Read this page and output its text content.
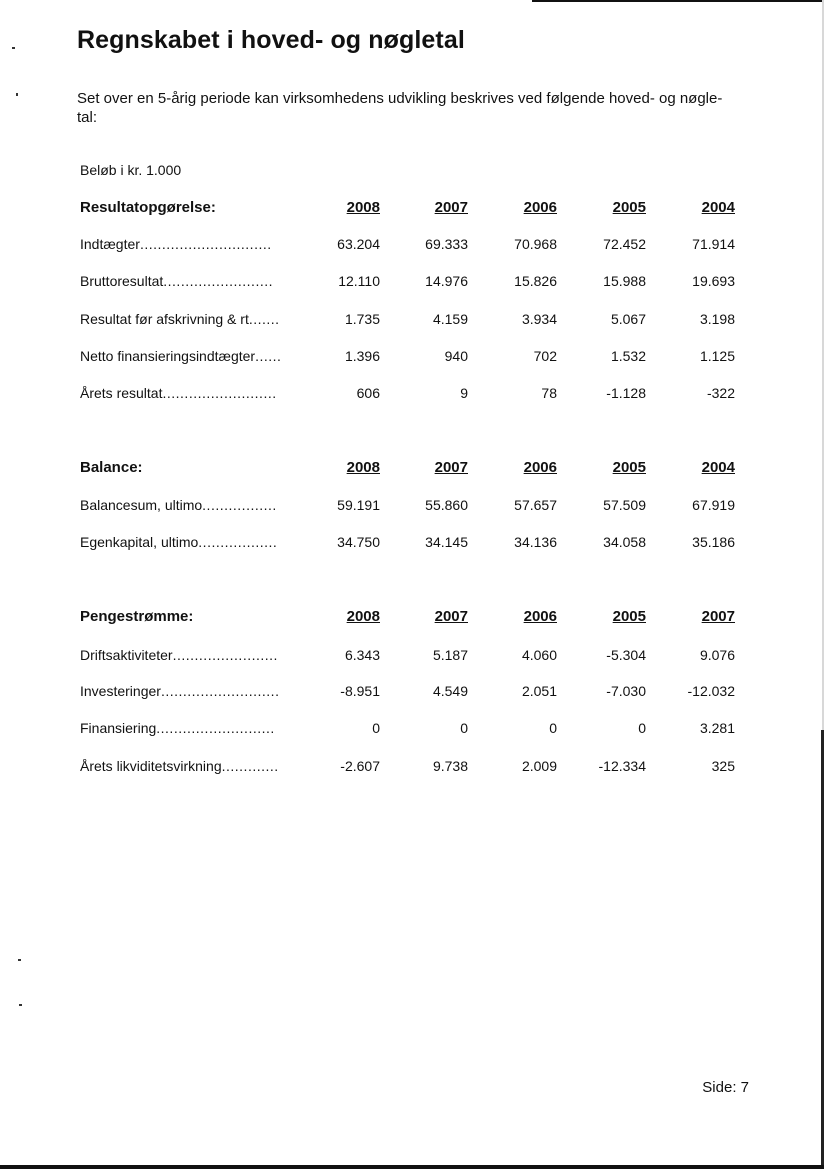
Regnskabet i hoved- og nøgletal
Set over en 5-årig periode kan virksomhedens udvikling beskrives ved følgende hoved- og nøgle-
tal:
Beløb i kr. 1.000
Resultatopgørelse:	2008	2007	2006	2005	2004
Indtægter..............................	63.204	69.333	70.968	72.452	71.914
Bruttoresultat.........................	12.110	14.976	15.826	15.988	19.693
Resultat før afskrivning & rt.......	1.735	4.159	3.934	5.067	3.198
Netto finansieringsindtægter......	1.396	940	702	1.532	1.125
Årets resultat..........................	606	9	78	-1.128	-322
Balance:	2008	2007	2006	2005	2004
Balancesum, ultimo.................	59.191	55.860	57.657	57.509	67.919
Egenkapital, ultimo..................	34.750	34.145	34.136	34.058	35.186
Pengestrømme:	2008	2007	2006	2005	2007
Driftsaktiviteter........................	6.343	5.187	4.060	-5.304	9.076
Investeringer...........................	-8.951	4.549	2.051	-7.030	-12.032
Finansiering...........................	0	0	0	0	3.281
Årets likviditetsvirkning.............	-2.607	9.738	2.009	-12.334	325
Side: 7
